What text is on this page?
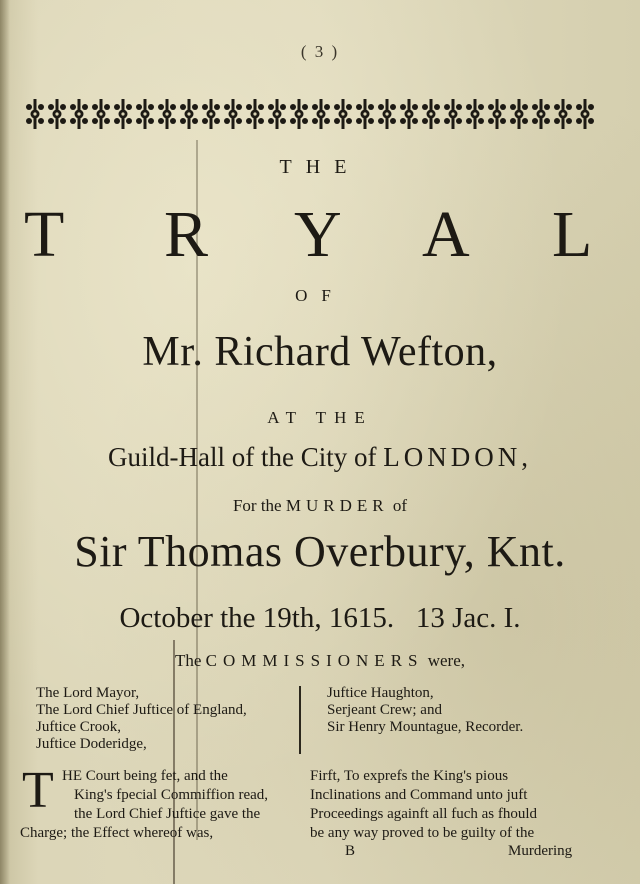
( 3 )
THE
T R Y A L
OF
Mr. Richard Wefton,
AT THE
Guild-Hall of the City of LONDON,
For the MURDER of
Sir Thomas Overbury, Knt.
October the 19th, 1615.   13 Jac. I.
The COMMISSIONERS were,
The Lord Mayor,
The Lord Chief Juftice of England,
Juftice Crook,
Juftice Doderidge,
Juftice Haughton,
Serjeant Crew; and
Sir Henry Mountague, Recorder.
T HE Court being fet, and the
King's fpecial Commiffion read,
the Lord Chief Juftice gave the
Charge; the Effect whereof was,
Firft, To exprefs the King's pious
Inclinations and Command unto juft
Proceedings againft all fuch as fhould
be any way proved to be guilty of the
B	Murdering
